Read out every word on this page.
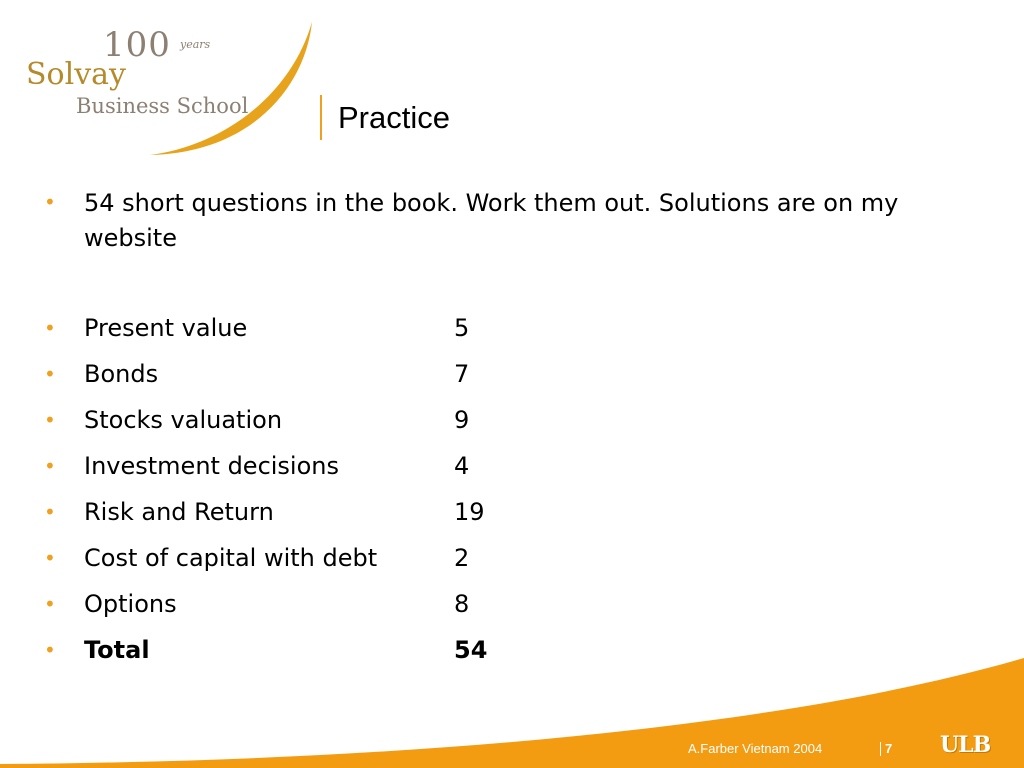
100 years
Solvay
Business School	Practice
• 54 short questions in the book. Work them out. Solutions are on my website
• Present value	5
• Bonds	7
• Stocks valuation	9
• Investment decisions	4
• Risk and Return	19
• Cost of capital with debt	2
• Options	8
• Total	54
A.Farber Vietnam 2004	7 ULB
